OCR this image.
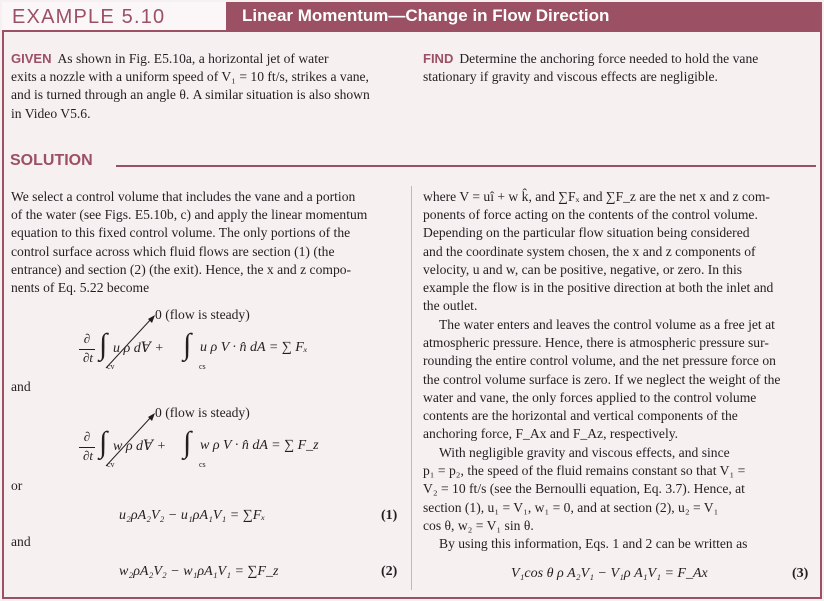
EXAMPLE 5.10	Linear Momentum—Change in Flow Direction
GIVEN As shown in Fig. E5.10a, a horizontal jet of water
exits a nozzle with a uniform speed of V₁ = 10 ft/s, strikes a vane,
and is turned through an angle θ. A similar situation is also shown
in Video V5.6.
FIND Determine the anchoring force needed to hold the vane
stationary if gravity and viscous effects are negligible.
SOLUTION
We select a control volume that includes the vane and a portion
of the water (see Figs. E5.10b, c) and apply the linear momentum
equation to this fixed control volume. The only portions of the
control surface across which fluid flows are section (1) (the
entrance) and section (2) (the exit). Hence, the x and z compo-
nents of Eq. 5.22 become
0 (flow is steady)
∂
∂t ∫
cv
u ρ dⱯ + ∫
cs
u ρ V · n̂ dA = ∑ Fₓ
and
0 (flow is steady)
∂
∂t ∫
cv
w ρ dⱯ + ∫
cs
w ρ V · n̂ dA = ∑ F_z
or
u₂ρA₂V₂ − u₁ρA₁V₁ = ∑Fₓ	(1)
and
w₂ρA₂V₂ − w₁ρA₁V₁ = ∑F_z	(2)
where V = uî + w k̂, and ∑Fₓ and ∑F_z are the net x and z com-
ponents of force acting on the contents of the control volume.
Depending on the particular flow situation being considered
and the coordinate system chosen, the x and z components of
velocity, u and w, can be positive, negative, or zero. In this
example the flow is in the positive direction at both the inlet and
the outlet.
The water enters and leaves the control volume as a free jet at
atmospheric pressure. Hence, there is atmospheric pressure sur-
rounding the entire control volume, and the net pressure force on
the control volume surface is zero. If we neglect the weight of the
water and vane, the only forces applied to the control volume
contents are the horizontal and vertical components of the
anchoring force, F_Ax and F_Az, respectively.
With negligible gravity and viscous effects, and since
p₁ = p₂, the speed of the fluid remains constant so that V₁ =
V₂ = 10 ft/s (see the Bernoulli equation, Eq. 3.7). Hence, at
section (1), u₁ = V₁, w₁ = 0, and at section (2), u₂ = V₁
cos θ, w₂ = V₁ sin θ.
By using this information, Eqs. 1 and 2 can be written as
V₁cos θ ρ A₂V₁ − V₁ρ A₁V₁ = F_Ax	(3)
